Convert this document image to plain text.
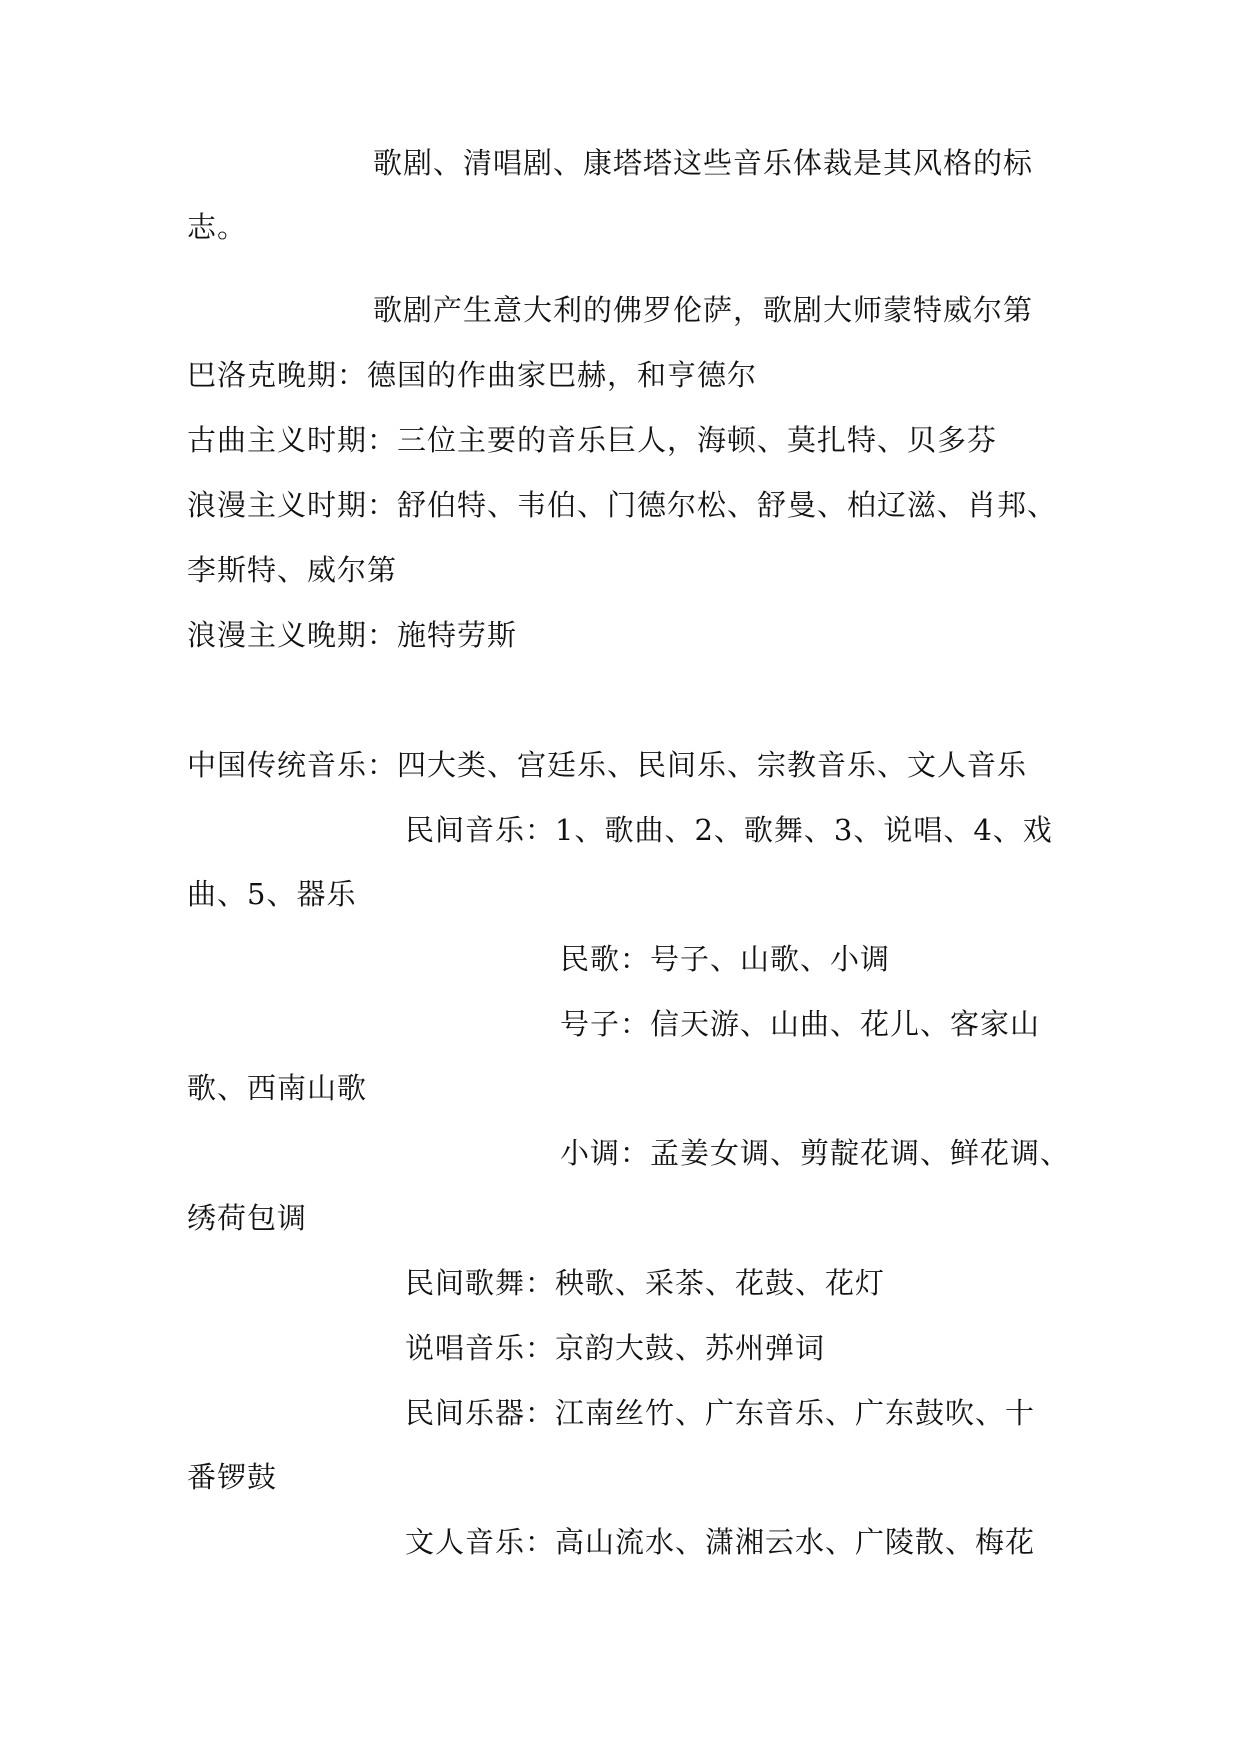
歌剧、清唱剧、康塔塔这些音乐体裁是其风格的标
志。
歌剧产生意大利的佛罗伦萨，歌剧大师蒙特威尔第
巴洛克晚期：德国的作曲家巴赫，和亨德尔
古曲主义时期：三位主要的音乐巨人，海顿、莫扎特、贝多芬
浪漫主义时期：舒伯特、韦伯、门德尔松、舒曼、柏辽滋、肖邦、
李斯特、威尔第
浪漫主义晚期：施特劳斯
中国传统音乐：四大类、宫廷乐、民间乐、宗教音乐、文人音乐
民间音乐：1、歌曲、2、歌舞、3、说唱、4、戏
曲、5、器乐
民歌：号子、山歌、小调
号子：信天游、山曲、花儿、客家山
歌、西南山歌
小调：孟姜女调、剪靛花调、鲜花调、
绣荷包调
民间歌舞：秧歌、采茶、花鼓、花灯
说唱音乐：京韵大鼓、苏州弹词
民间乐器：江南丝竹、广东音乐、广东鼓吹、十
番锣鼓
文人音乐：高山流水、潇湘云水、广陵散、梅花
